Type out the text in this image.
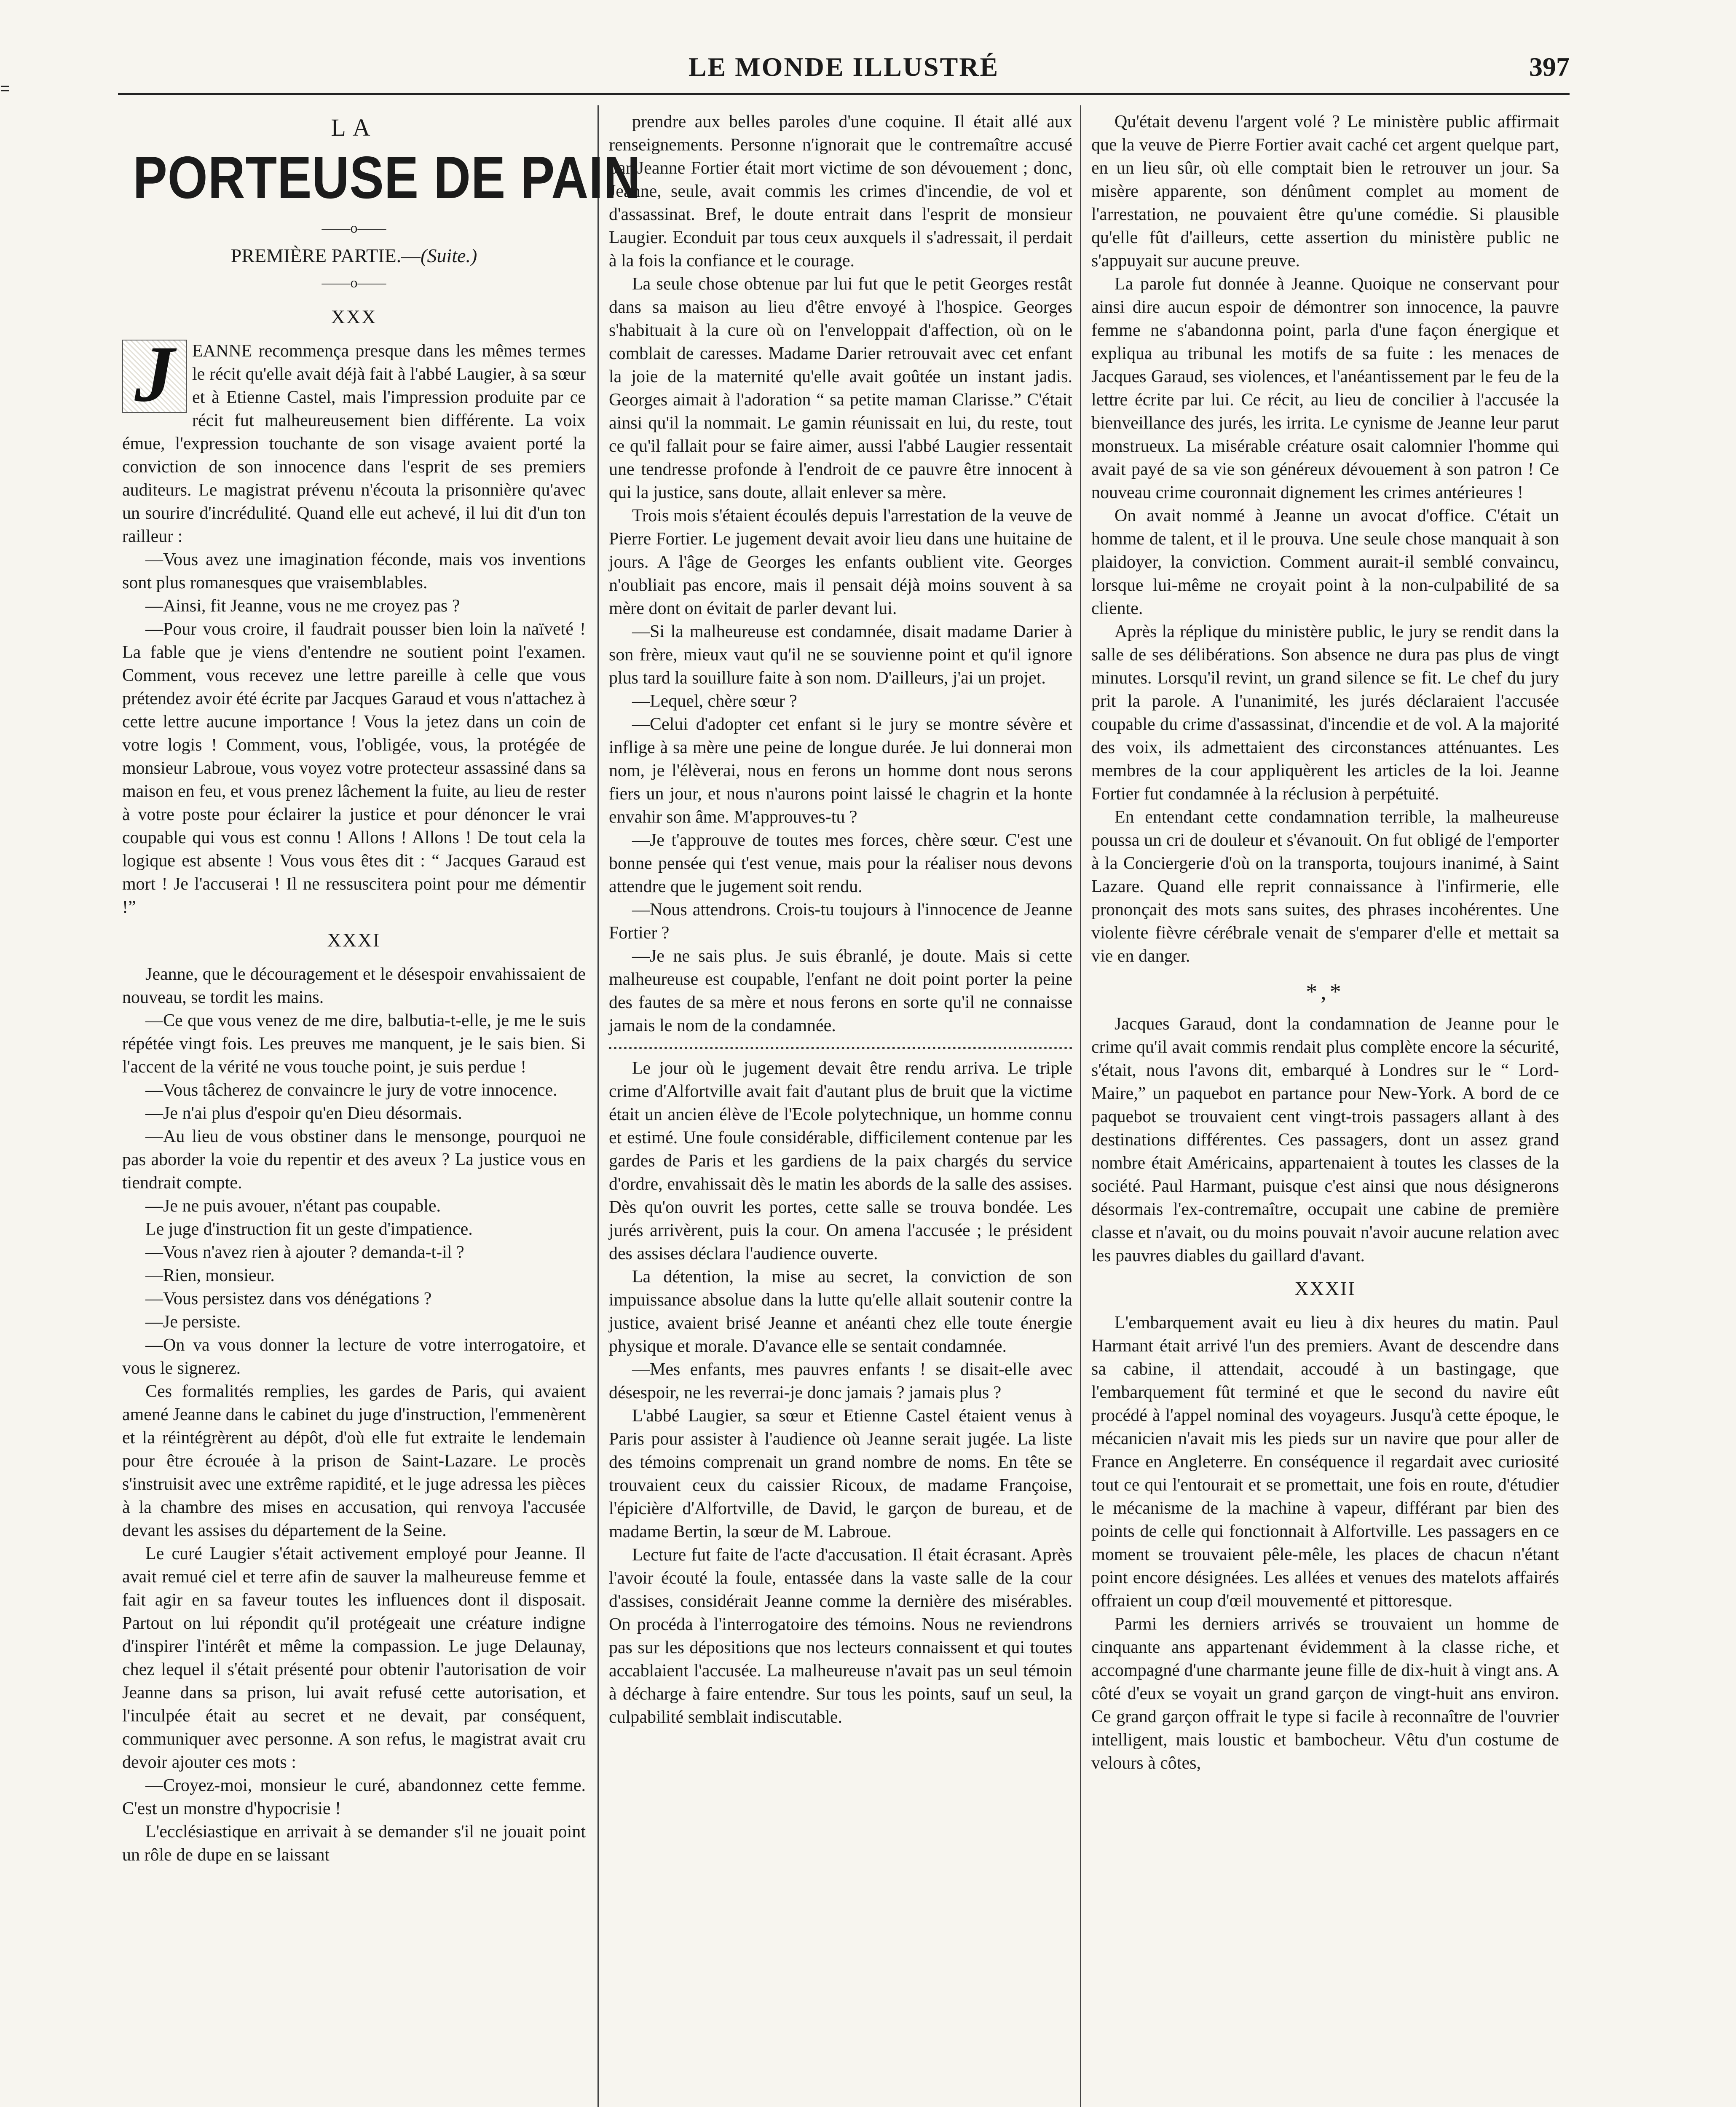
=
LE MONDE ILLUSTRÉ	397
LA
PORTEUSE DE PAIN
——o——
PREMIÈRE PARTIE.—(Suite.)
——o——
XXX

J EANNE recommença presque dans les mêmes termes le récit qu'elle avait déjà fait à l'abbé Laugier, à sa sœur et à Etienne Castel, mais l'impression produite par ce récit fut malheureusement bien différente. La voix émue, l'expression touchante de son visage avaient porté la conviction de son innocence dans l'esprit de ses premiers auditeurs. Le magistrat prévenu n'écouta la prisonnière qu'avec un sourire d'incrédulité. Quand elle eut achevé, il lui dit d'un ton railleur :

—Vous avez une imagination féconde, mais vos inventions sont plus romanesques que vraisemblables.

—Ainsi, fit Jeanne, vous ne me croyez pas ?

—Pour vous croire, il faudrait pousser bien loin la naïveté ! La fable que je viens d'entendre ne soutient point l'examen. Comment, vous recevez une lettre pareille à celle que vous prétendez avoir été écrite par Jacques Garaud et vous n'attachez à cette lettre aucune importance ! Vous la jetez dans un coin de votre logis ! Comment, vous, l'obligée, vous, la protégée de monsieur Labroue, vous voyez votre protecteur assassiné dans sa maison en feu, et vous prenez lâchement la fuite, au lieu de rester à votre poste pour éclairer la justice et pour dénoncer le vrai coupable qui vous est connu ! Allons ! Allons ! De tout cela la logique est absente ! Vous vous êtes dit : “ Jacques Garaud est mort ! Je l'accuserai ! Il ne ressuscitera point pour me démentir !”

XXXI

Jeanne, que le découragement et le désespoir envahissaient de nouveau, se tordit les mains.

—Ce que vous venez de me dire, balbutia-t-elle, je me le suis répétée vingt fois. Les preuves me manquent, je le sais bien. Si l'accent de la vérité ne vous touche point, je suis perdue !

—Vous tâcherez de convaincre le jury de votre innocence.

—Je n'ai plus d'espoir qu'en Dieu désormais.

—Au lieu de vous obstiner dans le mensonge, pourquoi ne pas aborder la voie du repentir et des aveux ? La justice vous en tiendrait compte.

—Je ne puis avouer, n'étant pas coupable.

Le juge d'instruction fit un geste d'impatience.

—Vous n'avez rien à ajouter ? demanda-t-il ?

—Rien, monsieur.

—Vous persistez dans vos dénégations ?

—Je persiste.

—On va vous donner la lecture de votre interrogatoire, et vous le signerez.

Ces formalités remplies, les gardes de Paris, qui avaient amené Jeanne dans le cabinet du juge d'instruction, l'emmenèrent et la réintégrèrent au dépôt, d'où elle fut extraite le lendemain pour être écrouée à la prison de Saint-Lazare. Le procès s'instruisit avec une extrême rapidité, et le juge adressa les pièces à la chambre des mises en accusation, qui renvoya l'accusée devant les assises du département de la Seine.

Le curé Laugier s'était activement employé pour Jeanne. Il avait remué ciel et terre afin de sauver la malheureuse femme et fait agir en sa faveur toutes les influences dont il disposait. Partout on lui répondit qu'il protégeait une créature indigne d'inspirer l'intérêt et même la compassion. Le juge Delaunay, chez lequel il s'était présenté pour obtenir l'autorisation de voir Jeanne dans sa prison, lui avait refusé cette autorisation, et l'inculpée était au secret et ne devait, par conséquent, communiquer avec personne. A son refus, le magistrat avait cru devoir ajouter ces mots :

—Croyez-moi, monsieur le curé, abandonnez cette femme. C'est un monstre d'hypocrisie !

L'ecclésiastique en arrivait à se demander s'il ne jouait point un rôle de dupe en se laissant

prendre aux belles paroles d'une coquine. Il était allé aux renseignements. Personne n'ignorait que le contremaître accusé par Jeanne Fortier était mort victime de son dévouement ; donc, Jeanne, seule, avait commis les crimes d'incendie, de vol et d'assassinat. Bref, le doute entrait dans l'esprit de monsieur Laugier. Econduit par tous ceux auxquels il s'adressait, il perdait à la fois la confiance et le courage.

La seule chose obtenue par lui fut que le petit Georges restât dans sa maison au lieu d'être envoyé à l'hospice. Georges s'habituait à la cure où on l'enveloppait d'affection, où on le comblait de caresses. Madame Darier retrouvait avec cet enfant la joie de la maternité qu'elle avait goûtée un instant jadis. Georges aimait à l'adoration “ sa petite maman Clarisse.” C'était ainsi qu'il la nommait. Le gamin réunissait en lui, du reste, tout ce qu'il fallait pour se faire aimer, aussi l'abbé Laugier ressentait une tendresse profonde à l'endroit de ce pauvre être innocent à qui la justice, sans doute, allait enlever sa mère.

Trois mois s'étaient écoulés depuis l'arrestation de la veuve de Pierre Fortier. Le jugement devait avoir lieu dans une huitaine de jours. A l'âge de Georges les enfants oublient vite. Georges n'oubliait pas encore, mais il pensait déjà moins souvent à sa mère dont on évitait de parler devant lui.

—Si la malheureuse est condamnée, disait madame Darier à son frère, mieux vaut qu'il ne se souvienne point et qu'il ignore plus tard la souillure faite à son nom. D'ailleurs, j'ai un projet.

—Lequel, chère sœur ?

—Celui d'adopter cet enfant si le jury se montre sévère et inflige à sa mère une peine de longue durée. Je lui donnerai mon nom, je l'élèverai, nous en ferons un homme dont nous serons fiers un jour, et nous n'aurons point laissé le chagrin et la honte envahir son âme. M'approuves-tu ?

—Je t'approuve de toutes mes forces, chère sœur. C'est une bonne pensée qui t'est venue, mais pour la réaliser nous devons attendre que le jugement soit rendu.

—Nous attendrons. Crois-tu toujours à l'innocence de Jeanne Fortier ?

—Je ne sais plus. Je suis ébranlé, je doute. Mais si cette malheureuse est coupable, l'enfant ne doit point porter la peine des fautes de sa mère et nous ferons en sorte qu'il ne connaisse jamais le nom de la condamnée.

Le jour où le jugement devait être rendu arriva. Le triple crime d'Alfortville avait fait d'autant plus de bruit que la victime était un ancien élève de l'Ecole polytechnique, un homme connu et estimé. Une foule considérable, difficilement contenue par les gardes de Paris et les gardiens de la paix chargés du service d'ordre, envahissait dès le matin les abords de la salle des assises. Dès qu'on ouvrit les portes, cette salle se trouva bondée. Les jurés arrivèrent, puis la cour. On amena l'accusée ; le président des assises déclara l'audience ouverte.

La détention, la mise au secret, la conviction de son impuissance absolue dans la lutte qu'elle allait soutenir contre la justice, avaient brisé Jeanne et anéanti chez elle toute énergie physique et morale. D'avance elle se sentait condamnée.

—Mes enfants, mes pauvres enfants ! se disait-elle avec désespoir, ne les reverrai-je donc jamais ? jamais plus ?

L'abbé Laugier, sa sœur et Etienne Castel étaient venus à Paris pour assister à l'audience où Jeanne serait jugée. La liste des témoins comprenait un grand nombre de noms. En tête se trouvaient ceux du caissier Ricoux, de madame Françoise, l'épicière d'Alfortville, de David, le garçon de bureau, et de madame Bertin, la sœur de M. Labroue.

Lecture fut faite de l'acte d'accusation. Il était écrasant. Après l'avoir écouté la foule, entassée dans la vaste salle de la cour d'assises, considérait Jeanne comme la dernière des misérables. On procéda à l'interrogatoire des témoins. Nous ne reviendrons pas sur les dépositions que nos lecteurs connaissent et qui toutes accablaient l'accusée. La malheureuse n'avait pas un seul témoin à décharge à faire entendre. Sur tous les points, sauf un seul, la culpabilité semblait indiscutable.

Qu'était devenu l'argent volé ? Le ministère public affirmait que la veuve de Pierre Fortier avait caché cet argent quelque part, en un lieu sûr, où elle comptait bien le retrouver un jour. Sa misère apparente, son dénûment complet au moment de l'arrestation, ne pouvaient être qu'une comédie. Si plausible qu'elle fût d'ailleurs, cette assertion du ministère public ne s'appuyait sur aucune preuve.

La parole fut donnée à Jeanne. Quoique ne conservant pour ainsi dire aucun espoir de démontrer son innocence, la pauvre femme ne s'abandonna point, parla d'une façon énergique et expliqua au tribunal les motifs de sa fuite : les menaces de Jacques Garaud, ses violences, et l'anéantissement par le feu de la lettre écrite par lui. Ce récit, au lieu de concilier à l'accusée la bienveillance des jurés, les irrita. Le cynisme de Jeanne leur parut monstrueux. La misérable créature osait calomnier l'homme qui avait payé de sa vie son généreux dévouement à son patron ! Ce nouveau crime couronnait dignement les crimes antérieures !

On avait nommé à Jeanne un avocat d'office. C'était un homme de talent, et il le prouva. Une seule chose manquait à son plaidoyer, la conviction. Comment aurait-il semblé convaincu, lorsque lui-même ne croyait point à la non-culpabilité de sa cliente.

Après la réplique du ministère public, le jury se rendit dans la salle de ses délibérations. Son absence ne dura pas plus de vingt minutes. Lorsqu'il revint, un grand silence se fit. Le chef du jury prit la parole. A l'unanimité, les jurés déclaraient l'accusée coupable du crime d'assassinat, d'incendie et de vol. A la majorité des voix, ils admettaient des circonstances atténuantes. Les membres de la cour appliquèrent les articles de la loi. Jeanne Fortier fut condamnée à la réclusion à perpétuité.

En entendant cette condamnation terrible, la malheureuse poussa un cri de douleur et s'évanouit. On fut obligé de l'emporter à la Conciergerie d'où on la transporta, toujours inanimé, à Saint Lazare. Quand elle reprit connaissance à l'infirmerie, elle prononçait des mots sans suites, des phrases incohérentes. Une violente fièvre cérébrale venait de s'emparer d'elle et mettait sa vie en danger.

*,*

Jacques Garaud, dont la condamnation de Jeanne pour le crime qu'il avait commis rendait plus complète encore la sécurité, s'était, nous l'avons dit, embarqué à Londres sur le “ Lord-Maire,” un paquebot en partance pour New-York. A bord de ce paquebot se trouvaient cent vingt-trois passagers allant à des destinations différentes. Ces passagers, dont un assez grand nombre était Américains, appartenaient à toutes les classes de la société. Paul Harmant, puisque c'est ainsi que nous désignerons désormais l'ex-contremaître, occupait une cabine de première classe et n'avait, ou du moins pouvait n'avoir aucune relation avec les pauvres diables du gaillard d'avant.

XXXII

L'embarquement avait eu lieu à dix heures du matin. Paul Harmant était arrivé l'un des premiers. Avant de descendre dans sa cabine, il attendait, accoudé à un bastingage, que l'embarquement fût terminé et que le second du navire eût procédé à l'appel nominal des voyageurs. Jusqu'à cette époque, le mécanicien n'avait mis les pieds sur un navire que pour aller de France en Angleterre. En conséquence il regardait avec curiosité tout ce qui l'entourait et se promettait, une fois en route, d'étudier le mécanisme de la machine à vapeur, différant par bien des points de celle qui fonctionnait à Alfortville. Les passagers en ce moment se trouvaient pêle-mêle, les places de chacun n'étant point encore désignées. Les allées et venues des matelots affairés offraient un coup d'œil mouvementé et pittoresque.

Parmi les derniers arrivés se trouvaient un homme de cinquante ans appartenant évidemment à la classe riche, et accompagné d'une charmante jeune fille de dix-huit à vingt ans. A côté d'eux se voyait un grand garçon de vingt-huit ans environ. Ce grand garçon offrait le type si facile à reconnaître de l'ouvrier intelligent, mais loustic et bambocheur. Vêtu d'un costume de velours à côtes,
